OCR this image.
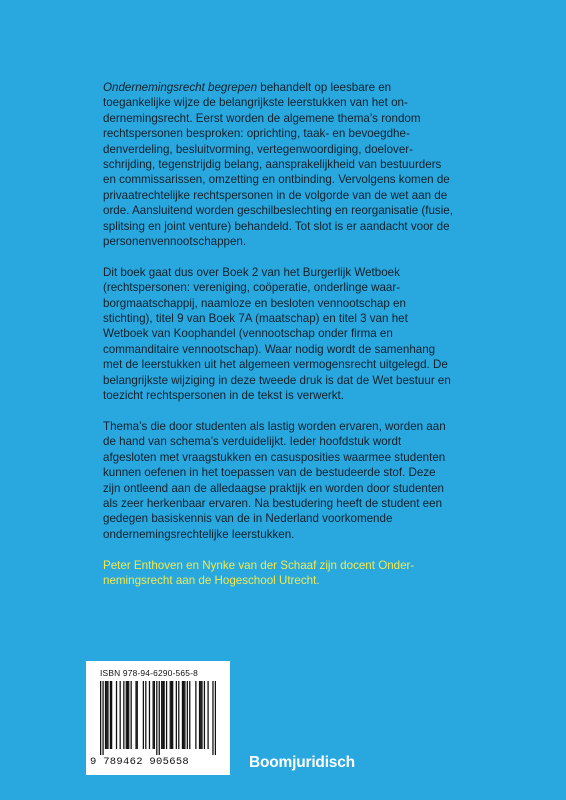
Ondernemingsrecht begrepen behandelt op leesbare en toegankelijke wijze de belangrijkste leerstukken van het ondernemingsrecht. Eerst worden de algemene thema’s rondom rechtspersonen besproken: oprichting, taak- en bevoegdhedenverdeling, besluitvorming, vertegenwoordiging, doeloverschrijding, tegenstrijdig belang, aansprakelijkheid van bestuurders en commissarissen, omzetting en ontbinding. Vervolgens komen de privaatrechtelijke rechtspersonen in de volgorde van de wet aan de orde. Aansluitend worden geschilbeslechting en reorganisatie (fusie, splitsing en joint venture) behandeld. Tot slot is er aandacht voor de personenvennootschappen.

Dit boek gaat dus over Boek 2 van het Burgerlijk Wetboek (rechtspersonen: vereniging, coöperatie, onderlinge waarborgmaatschappij, naamloze en besloten vennootschap en stichting), titel 9 van Boek 7A (maatschap) en titel 3 van het Wetboek van Koophandel (vennootschap onder firma en commanditaire vennootschap). Waar nodig wordt de samenhang met de leerstukken uit het algemeen vermogensrecht uitgelegd. De belangrijkste wijziging in deze tweede druk is dat de Wet bestuur en toezicht rechtspersonen in de tekst is verwerkt.

Thema’s die door studenten als lastig worden ervaren, worden aan de hand van schema’s verduidelijkt. Ieder hoofdstuk wordt afgesloten met vraagstukken en casusposities waarmee studenten kunnen oefenen in het toepassen van de bestudeerde stof. Deze zijn ontleend aan de alledaagse praktijk en worden door studenten als zeer herkenbaar ervaren. Na bestudering heeft de student een gedegen basiskennis van de in Nederland voorkomende ondernemingsrechtelijke leerstukken.

Peter Enthoven en Nynke van der Schaaf zijn docent Ondernemingsrecht aan de Hogeschool Utrecht.

ISBN 978-94-6290-565-8
9 789462 905658	Boomjuridisch
